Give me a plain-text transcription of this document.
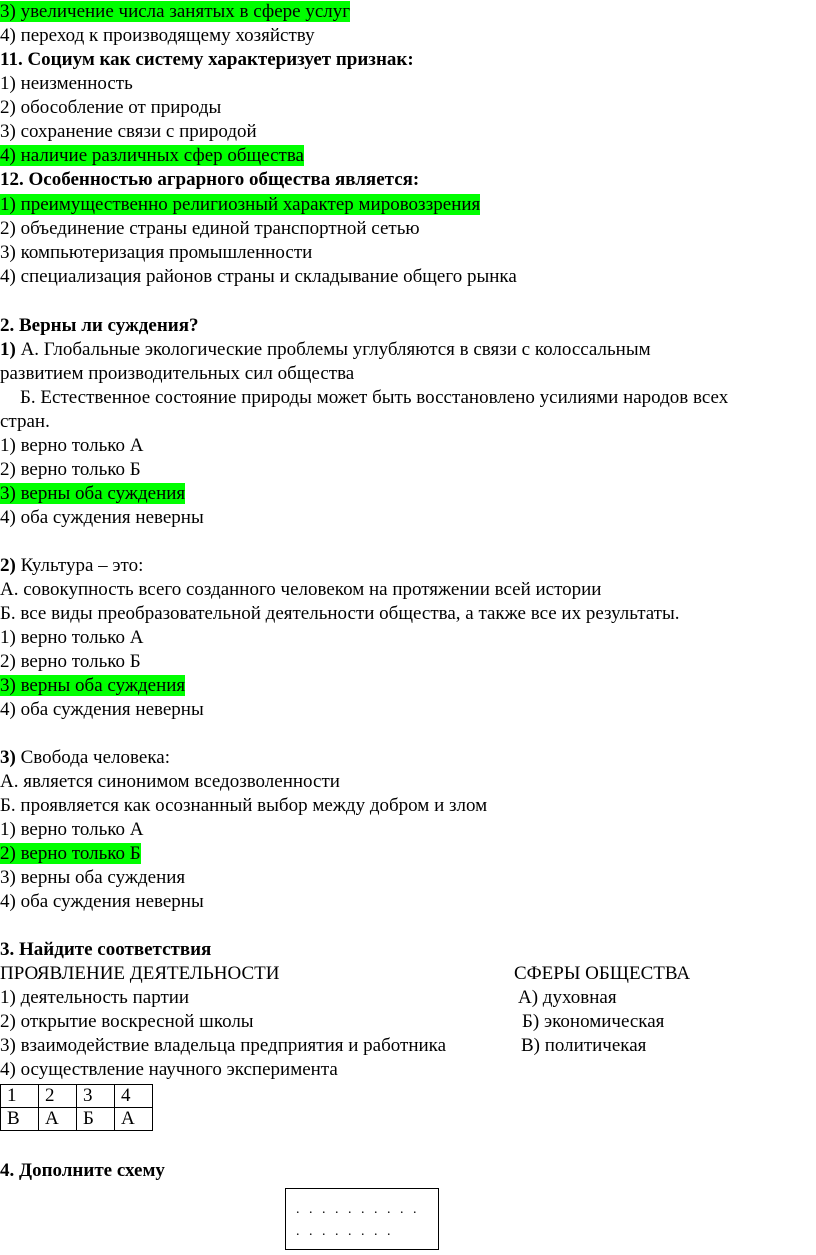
3) увеличение числа занятых в сфере услуг
4) переход к производящему хозяйству
11. Социум как систему характеризует признак:
1) неизменность
2) обособление от природы
3) сохранение связи с природой
4) наличие различных сфер общества
12. Особенностью аграрного общества является:
1) преимущественно религиозный характер мировоззрения
2) объединение страны единой транспортной сетью
3) компьютеризация промышленности
4) специализация районов страны и складывание общего рынка
2. Верны ли суждения?
1) А. Глобальные экологические проблемы углубляются в связи с колоссальным
развитием производительных сил общества
Б. Естественное состояние природы может быть восстановлено усилиями народов всех
стран.
1) верно только А
2) верно только Б
3) верны оба суждения
4) оба суждения неверны
2) Культура – это:
А. совокупность всего созданного человеком на протяжении всей истории
Б. все виды преобразовательной деятельности общества, а также все их результаты.
1) верно только А
2) верно только Б
3) верны оба суждения
4) оба суждения неверны
3) Свобода человека:
А. является синонимом вседозволенности
Б. проявляется как осознанный выбор между добром и злом
1) верно только А
2) верно только Б
3) верны оба суждения
4) оба суждения неверны
3. Найдите соответствия
ПРОЯВЛЕНИЕ ДЕЯТЕЛЬНОСТИ	СФЕРЫ ОБЩЕСТВА
1) деятельность партии	А) духовная
2) открытие воскресной школы	Б) экономическая
3) взаимодействие владельца предприятия и работника	В) политичекая
4) осуществление научного эксперимента
1	2	3	4
В	А	Б	А
4. Дополните схему
. . . . . . . . . .
. . . . . . . .
